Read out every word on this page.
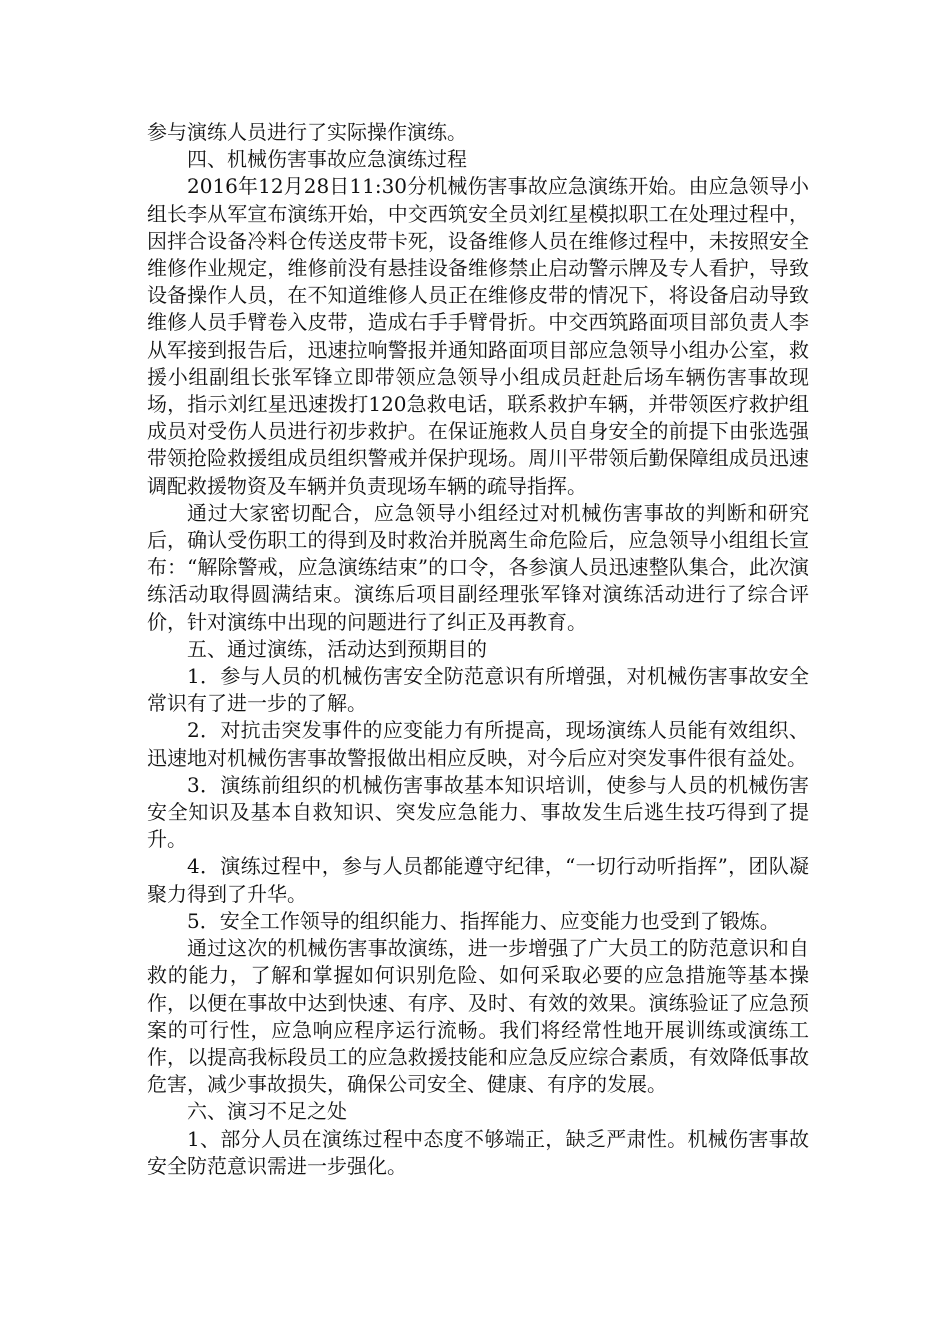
参与演练人员进行了实际操作演练。

四、机械伤害事故应急演练过程

2016年12月28日11:30分机械伤害事故应急演练开始。由应急领导小组长李从军宣布演练开始，中交西筑安全员刘红星模拟职工在处理过程中，因拌合设备冷料仓传送皮带卡死，设备维修人员在维修过程中，未按照安全维修作业规定，维修前没有悬挂设备维修禁止启动警示牌及专人看护，导致设备操作人员，在不知道维修人员正在维修皮带的情况下，将设备启动导致维修人员手臂卷入皮带，造成右手手臂骨折。中交西筑路面项目部负责人李从军接到报告后，迅速拉响警报并通知路面项目部应急领导小组办公室，救援小组副组长张军锋立即带领应急领导小组成员赶赴后场车辆伤害事故现场，指示刘红星迅速拨打120急救电话，联系救护车辆，并带领医疗救护组成员对受伤人员进行初步救护。在保证施救人员自身安全的前提下由张选强带领抢险救援组成员组织警戒并保护现场。周川平带领后勤保障组成员迅速调配救援物资及车辆并负责现场车辆的疏导指挥。

通过大家密切配合，应急领导小组经过对机械伤害事故的判断和研究后，确认受伤职工的得到及时救治并脱离生命危险后，应急领导小组组长宣布：“解除警戒，应急演练结束”的口令，各参演人员迅速整队集合，此次演练活动取得圆满结束。演练后项目副经理张军锋对演练活动进行了综合评价，针对演练中出现的问题进行了纠正及再教育。

五、通过演练，活动达到预期目的

1．参与人员的机械伤害安全防范意识有所增强，对机械伤害事故安全常识有了进一步的了解。

2．对抗击突发事件的应变能力有所提高，现场演练人员能有效组织、迅速地对机械伤害事故警报做出相应反映，对今后应对突发事件很有益处。

3．演练前组织的机械伤害事故基本知识培训，使参与人员的机械伤害安全知识及基本自救知识、突发应急能力、事故发生后逃生技巧得到了提升。

4．演练过程中，参与人员都能遵守纪律，“一切行动听指挥”，团队凝聚力得到了升华。

5．安全工作领导的组织能力、指挥能力、应变能力也受到了锻炼。

通过这次的机械伤害事故演练，进一步增强了广大员工的防范意识和自救的能力，了解和掌握如何识别危险、如何采取必要的应急措施等基本操作，以便在事故中达到快速、有序、及时、有效的效果。演练验证了应急预案的可行性，应急响应程序运行流畅。我们将经常性地开展训练或演练工作，以提高我标段员工的应急救援技能和应急反应综合素质，有效降低事故危害，减少事故损失，确保公司安全、健康、有序的发展。

六、演习不足之处

1、部分人员在演练过程中态度不够端正，缺乏严肃性。机械伤害事故安全防范意识需进一步强化。
